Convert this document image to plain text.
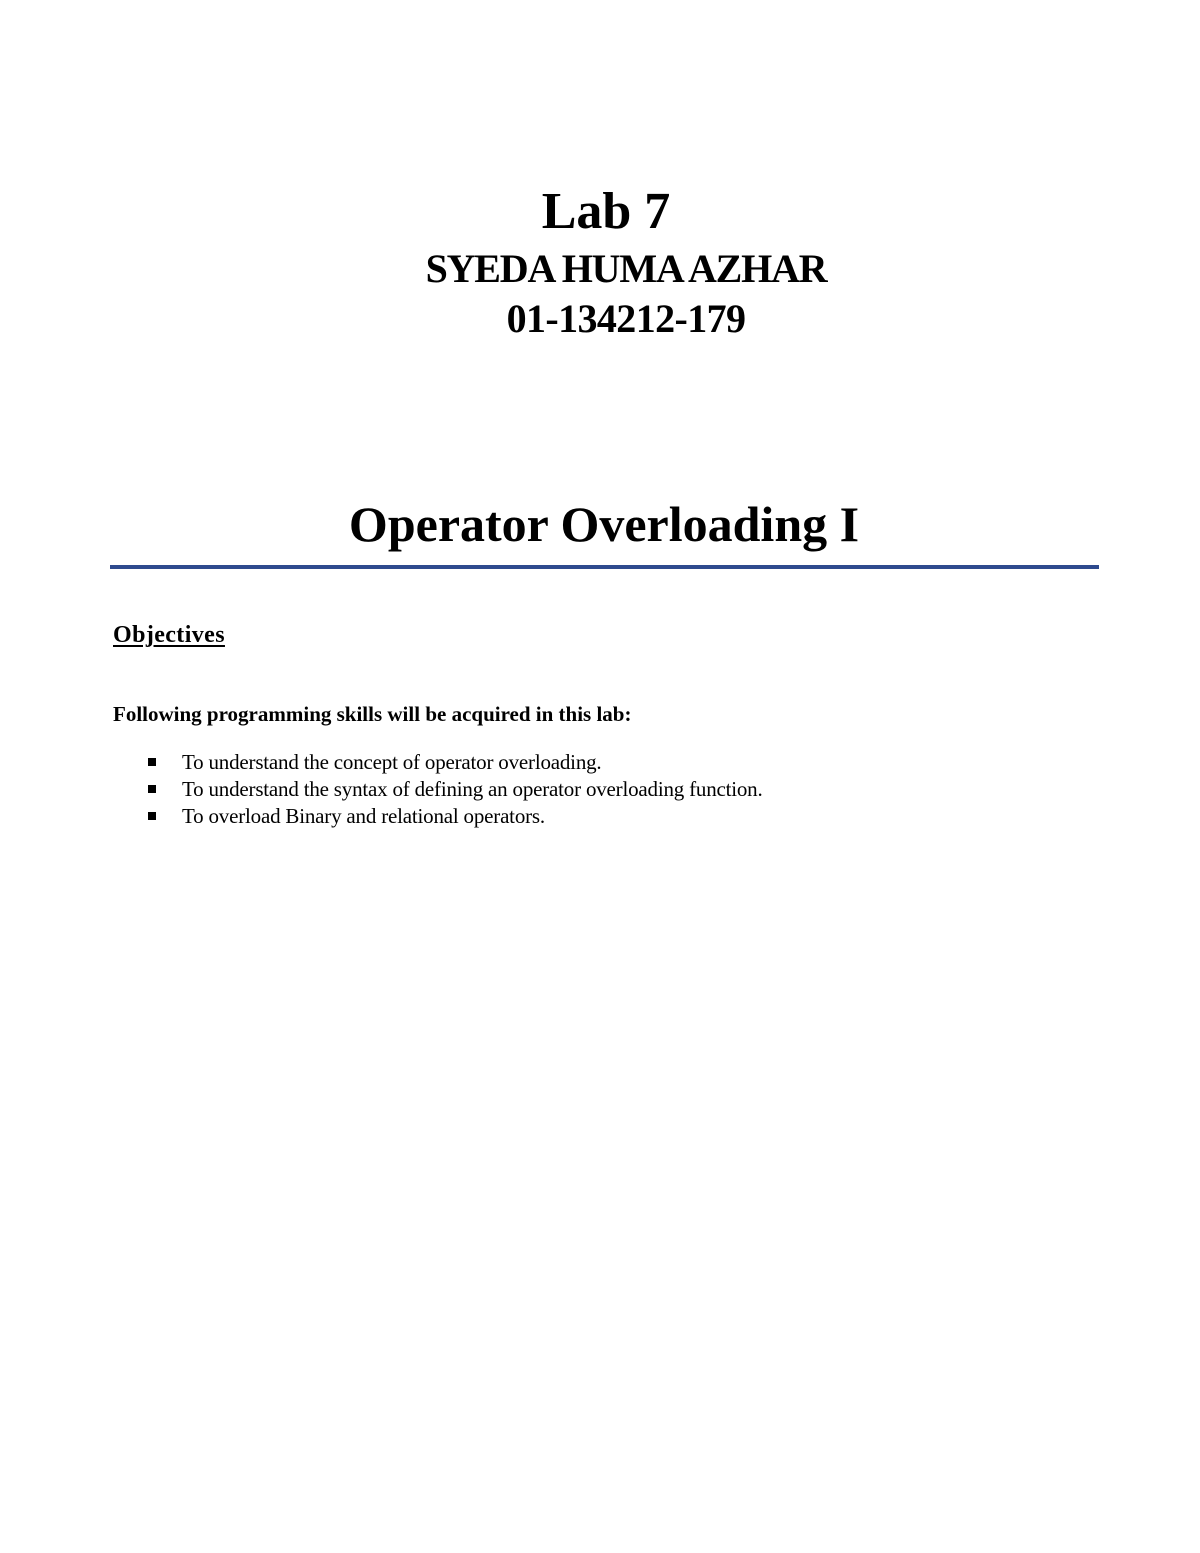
Lab 7
SYEDA HUMA AZHAR
01-134212-179
Operator Overloading I
Objectives
Following programming skills will be acquired in this lab:
To understand the concept of operator overloading.
To understand the syntax of defining an operator overloading function.
To overload Binary and relational operators.
